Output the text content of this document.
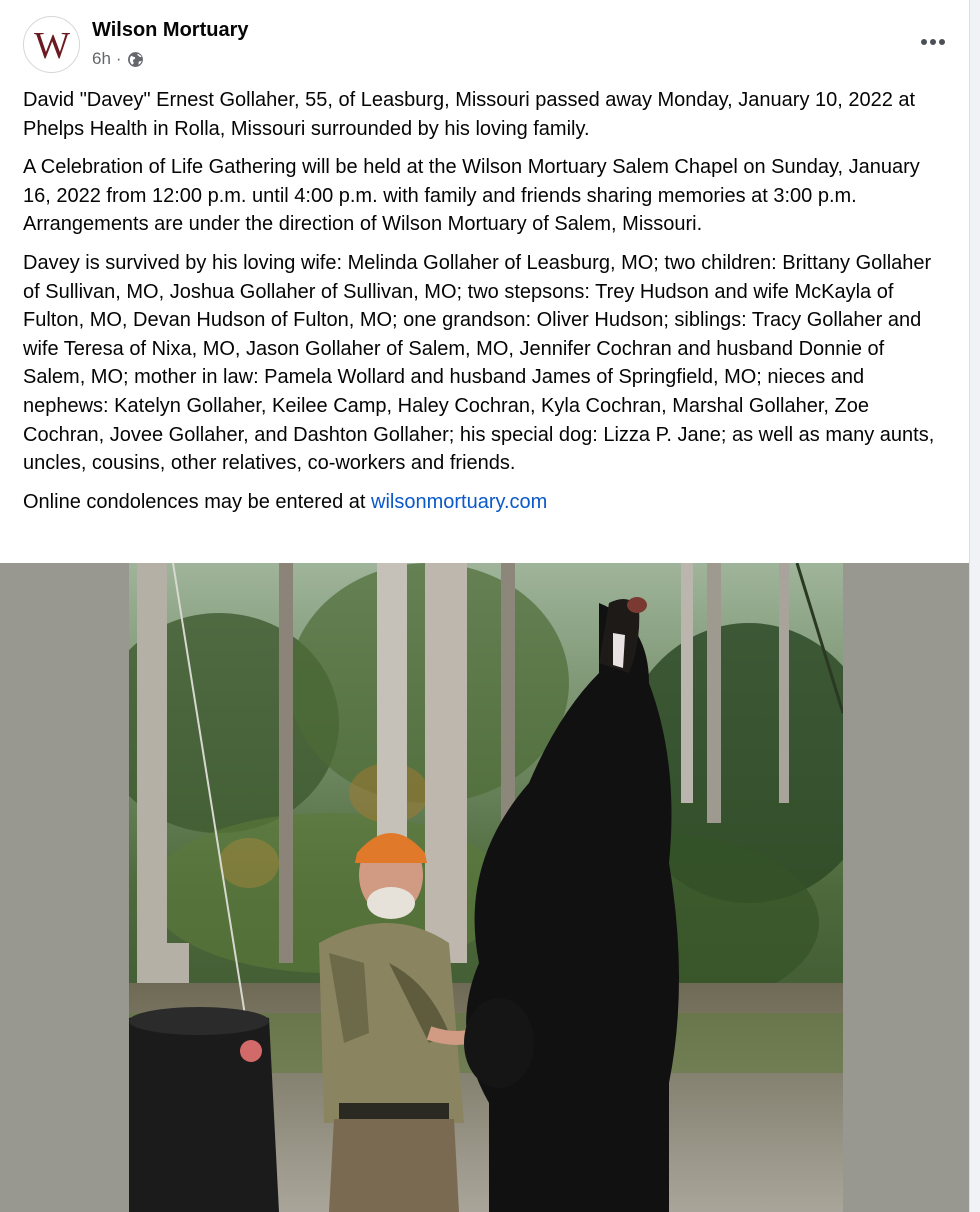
W Wilson Mortuary
6h ·

David "Davey" Ernest Gollaher, 55, of Leasburg, Missouri passed away Monday, January 10, 2022 at Phelps Health in Rolla, Missouri surrounded by his loving family.

A Celebration of Life Gathering will be held at the Wilson Mortuary Salem Chapel on Sunday, January 16, 2022 from 12:00 p.m. until 4:00 p.m. with family and friends sharing memories at 3:00 p.m. Arrangements are under the direction of Wilson Mortuary of Salem, Missouri.

Davey is survived by his loving wife: Melinda Gollaher of Leasburg, MO; two children: Brittany Gollaher of Sullivan, MO, Joshua Gollaher of Sullivan, MO; two stepsons: Trey Hudson and wife McKayla of Fulton, MO, Devan Hudson of Fulton, MO; one grandson: Oliver Hudson; siblings: Tracy Gollaher and wife Teresa of Nixa, MO, Jason Gollaher of Salem, MO, Jennifer Cochran and husband Donnie of Salem, MO; mother in law: Pamela Wollard and husband James of Springfield, MO; nieces and nephews: Katelyn Gollaher, Keilee Camp, Haley Cochran, Kyla Cochran, Marshal Gollaher, Zoe Cochran, Jovee Gollaher, and Dashton Gollaher; his special dog: Lizza P. Jane; as well as many aunts, uncles, cousins, other relatives, co-workers and friends.

Online condolences may be entered at wilsonmortuary.com
